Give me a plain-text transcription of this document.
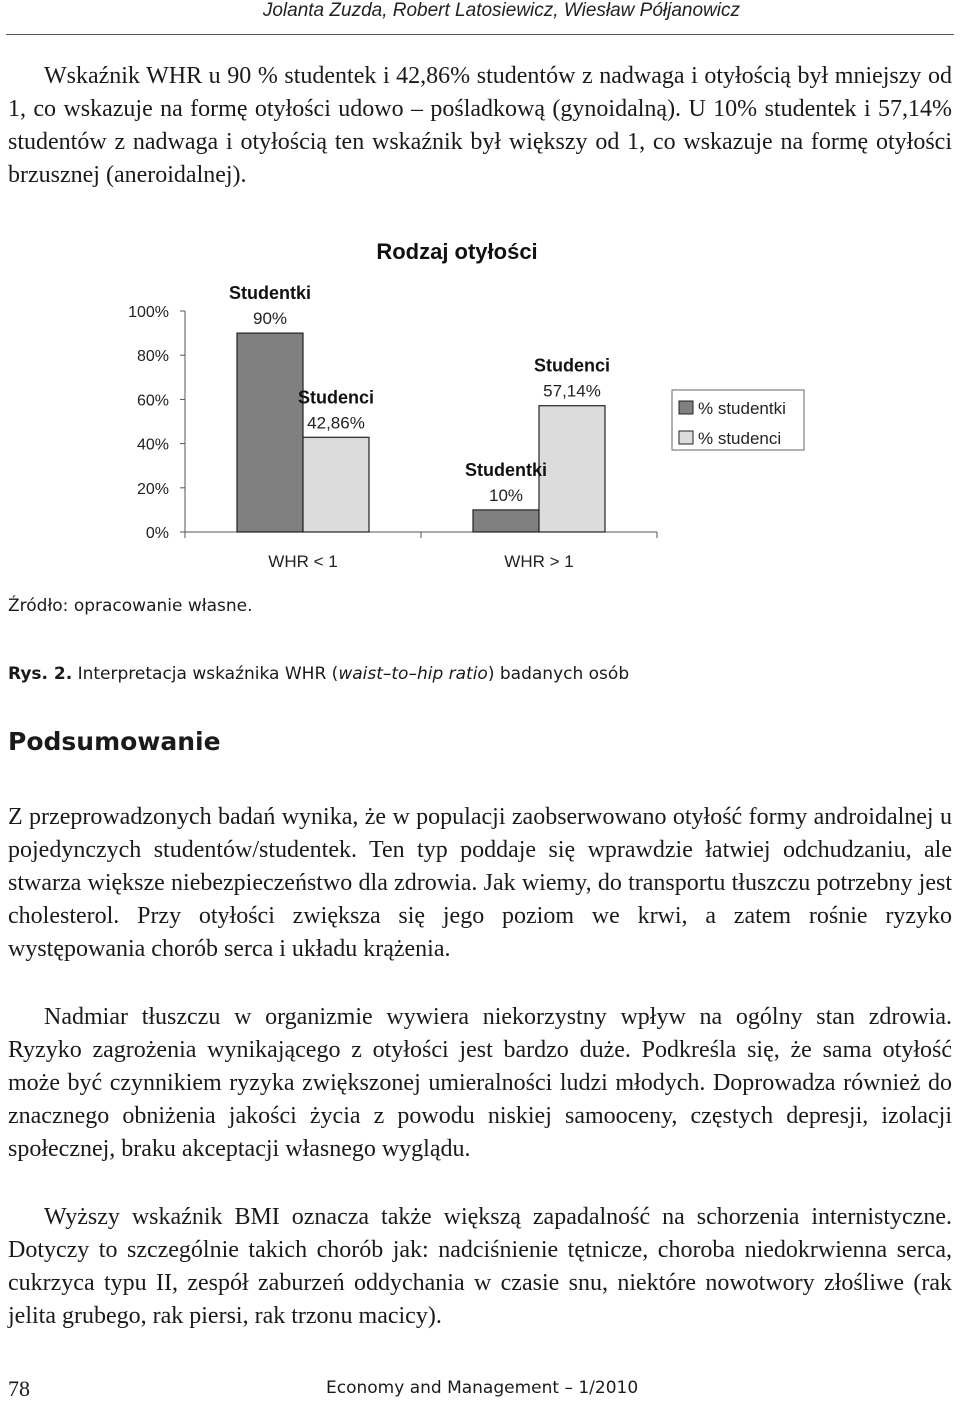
Jolanta Zuzda, Robert Latosiewicz, Wiesław Półjanowicz

Wskaźnik WHR u 90 % studentek i 42,86% studentów z nadwaga i otyłością był mniejszy od 1, co wskazuje na formę otyłości udowo – pośladkową (gynoidalną). U 10% studentek i 57,14% studentów z nadwaga i otyłością ten wskaźnik był większy od 1, co wskazuje na formę otyłości brzusznej (aneroidalnej).

Rodzaj otyłości
0%
20%
40%
60%
80%
100%
WHR < 1
Studentki
90%
Studenci
42,86%
WHR > 1
Studentki
10%
Studenci
57,14%
% studentki
% studenci
Źródło: opracowanie własne.
Rys. 2. Interpretacja wskaźnika WHR (waist–to–hip ratio) badanych osób
Podsumowanie

Z przeprowadzonych badań wynika, że w populacji zaobserwowano otyłość formy androidalnej u pojedynczych studentów/studentek. Ten typ poddaje się wprawdzie łatwiej odchudzaniu, ale stwarza większe niebezpieczeństwo dla zdrowia. Jak wiemy, do transportu tłuszczu potrzebny jest cholesterol. Przy otyłości zwiększa się jego poziom we krwi, a zatem rośnie ryzyko występowania chorób serca i układu krążenia.

Nadmiar tłuszczu w organizmie wywiera niekorzystny wpływ na ogólny stan zdrowia. Ryzyko zagrożenia wynikającego z otyłości jest bardzo duże. Podkreśla się, że sama otyłość może być czynnikiem ryzyka zwiększonej umieralności ludzi młodych. Doprowadza również do znacznego obniżenia jakości życia z powodu niskiej samooceny, częstych depresji, izolacji społecznej, braku akceptacji własnego wyglądu.

Wyższy wskaźnik BMI oznacza także większą zapadalność na schorzenia internistyczne. Dotyczy to szczególnie takich chorób jak: nadciśnienie tętnicze, choroba niedokrwienna serca, cukrzyca typu II, zespół zaburzeń oddychania w czasie snu, niektóre nowotwory złośliwe (rak jelita grubego, rak piersi, rak trzonu macicy).

78	Economy and Management – 1/2010
